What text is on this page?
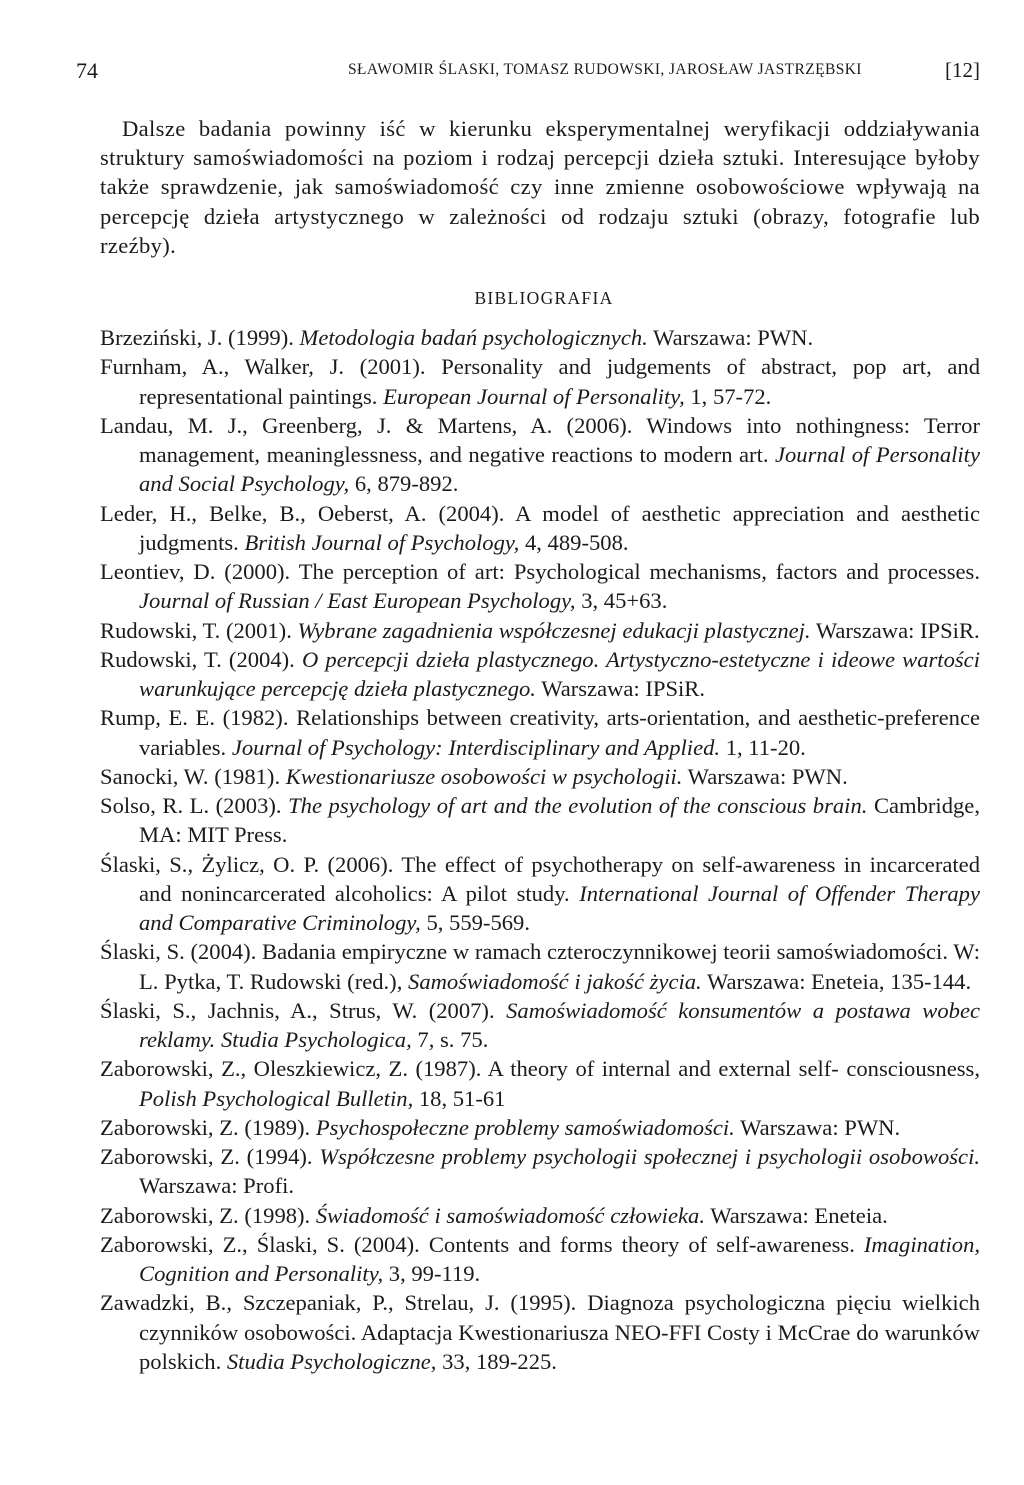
74	SŁAWOMIR ŚLASKI, TOMASZ RUDOWSKI, JAROSŁAW JASTRZĘBSKI	[12]

Dalsze badania powinny iść w kierunku eksperymentalnej weryfikacji oddziaływania struktury samoświadomości na poziom i rodzaj percepcji dzieła sztuki. Interesujące byłoby także sprawdzenie, jak samoświadomość czy inne zmienne osobowościowe wpływają na percepcję dzieła artystycznego w zależności od rodzaju sztuki (obrazy, fotografie lub rzeźby).

BIBLIOGRAFIA
Brzeziński, J. (1999). Metodologia badań psychologicznych. Warszawa: PWN.
Furnham, A., Walker, J. (2001). Personality and judgements of abstract, pop art, and representational paintings. European Journal of Personality, 1, 57-72.
Landau, M. J., Greenberg, J. & Martens, A. (2006). Windows into nothingness: Terror management, meaninglessness, and negative reactions to modern art. Journal of Personality and Social Psychology, 6, 879-892.
Leder, H., Belke, B., Oeberst, A. (2004). A model of aesthetic appreciation and aesthetic judgments. British Journal of Psychology, 4, 489-508.
Leontiev, D. (2000). The perception of art: Psychological mechanisms, factors and processes. Journal of Russian / East European Psychology, 3, 45+63.
Rudowski, T. (2001). Wybrane zagadnienia współczesnej edukacji plastycznej. Warszawa: IPSiR.
Rudowski, T. (2004). O percepcji dzieła plastycznego. Artystyczno-estetyczne i ideowe wartości warunkujące percepcję dzieła plastycznego. Warszawa: IPSiR.
Rump, E. E. (1982). Relationships between creativity, arts-orientation, and aesthetic-preference variables. Journal of Psychology: Interdisciplinary and Applied. 1, 11-20.
Sanocki, W. (1981). Kwestionariusze osobowości w psychologii. Warszawa: PWN.
Solso, R. L. (2003). The psychology of art and the evolution of the conscious brain. Cambridge, MA: MIT Press.
Ślaski, S., Żylicz, O. P. (2006). The effect of psychotherapy on self-awareness in incarcerated and nonincarcerated alcoholics: A pilot study. International Journal of Offender Therapy and Comparative Criminology, 5, 559-569.
Ślaski, S. (2004). Badania empiryczne w ramach czteroczynnikowej teorii samoświadomości. W: L. Pytka, T. Rudowski (red.), Samoświadomość i jakość życia. Warszawa: Eneteia, 135-144.
Ślaski, S., Jachnis, A., Strus, W. (2007). Samoświadomość konsumentów a postawa wobec reklamy. Studia Psychologica, 7, s. 75.
Zaborowski, Z., Oleszkiewicz, Z. (1987). A theory of internal and external self- consciousness, Polish Psychological Bulletin, 18, 51-61
Zaborowski, Z. (1989). Psychospołeczne problemy samoświadomości. Warszawa: PWN.
Zaborowski, Z. (1994). Współczesne problemy psychologii społecznej i psychologii osobowości. Warszawa: Profi.
Zaborowski, Z. (1998). Świadomość i samoświadomość człowieka. Warszawa: Eneteia.
Zaborowski, Z., Ślaski, S. (2004). Contents and forms theory of self-awareness. Imagination, Cognition and Personality, 3, 99-119.
Zawadzki, B., Szczepaniak, P., Strelau, J. (1995). Diagnoza psychologiczna pięciu wielkich czynników osobowości. Adaptacja Kwestionariusza NEO-FFI Costy i McCrae do warunków polskich. Studia Psychologiczne, 33, 189-225.
